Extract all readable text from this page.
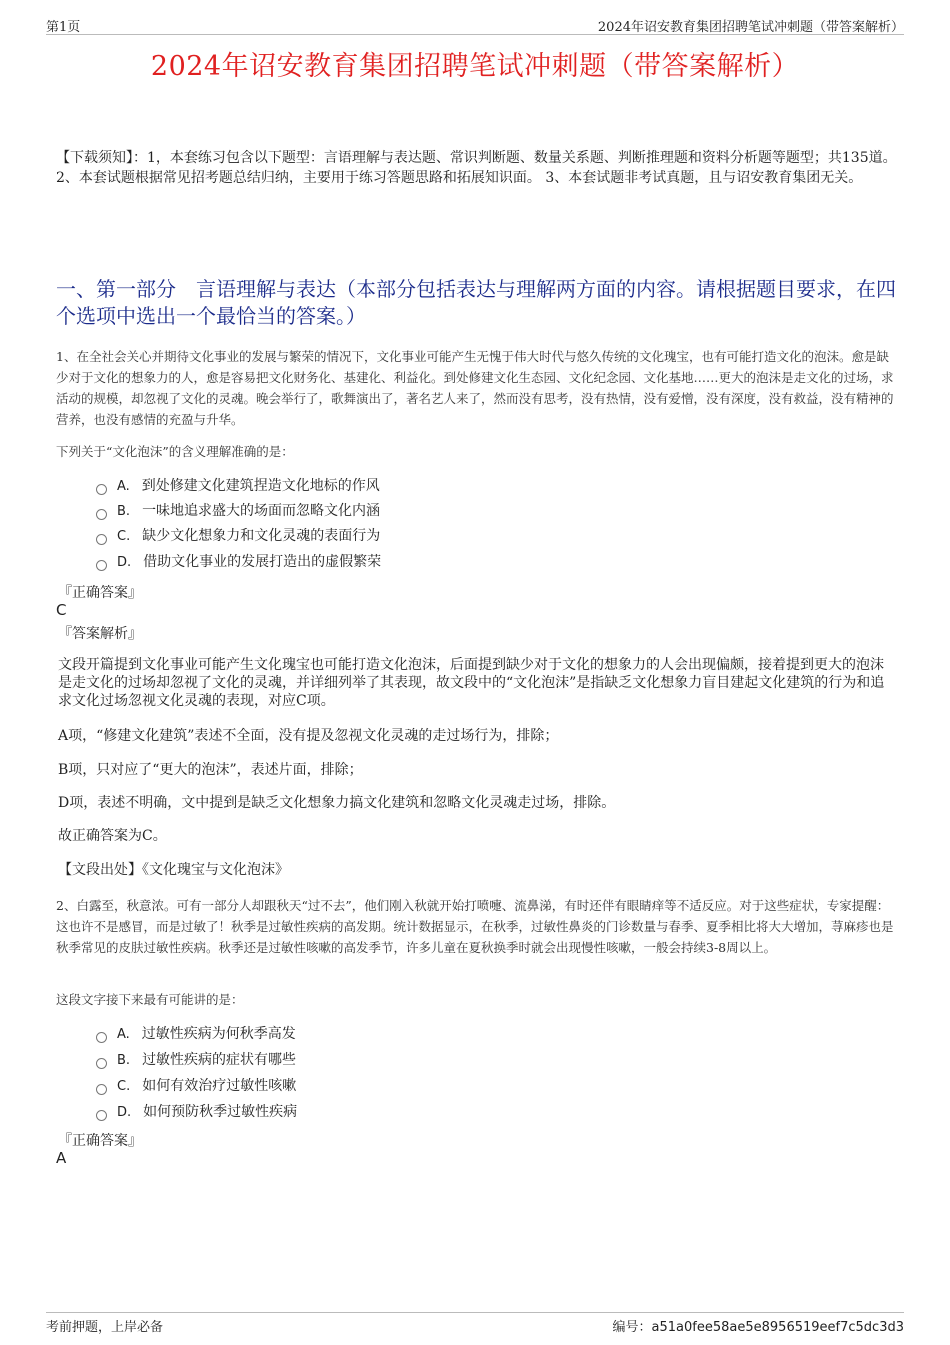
第1页	2024年诏安教育集团招聘笔试冲刺题（带答案解析）
2024年诏安教育集团招聘笔试冲刺题（带答案解析）
【下载须知】：1，本套练习包含以下题型：言语理解与表达题、常识判断题、数量关系题、判断推理题和资料分析题等题型；共135道。 2、本套试题根据常见招考题总结归纳，主要用于练习答题思路和拓展知识面。 3、本套试题非考试真题，且与诏安教育集团无关。
一、第一部分　言语理解与表达（本部分包括表达与理解两方面的内容。请根据题目要求，在四个选项中选出一个最恰当的答案。）
1、在全社会关心并期待文化事业的发展与繁荣的情况下，文化事业可能产生无愧于伟大时代与悠久传统的文化瑰宝，也有可能打造文化的泡沫。愈是缺少对于文化的想象力的人，愈是容易把文化财务化、基建化、利益化。到处修建文化生态园、文化纪念园、文化基地……更大的泡沫是走文化的过场，求活动的规模，却忽视了文化的灵魂。晚会举行了，歌舞演出了，著名艺人来了，然而没有思考，没有热情，没有爱憎，没有深度，没有救益，没有精神的营养，也没有感情的充盈与升华。
下列关于“文化泡沫”的含义理解准确的是：
A. 到处修建文化建筑捏造文化地标的作风
B. 一味地追求盛大的场面而忽略文化内涵
C. 缺少文化想象力和文化灵魂的表面行为
D. 借助文化事业的发展打造出的虚假繁荣
『正确答案』
C
『答案解析』
文段开篇提到文化事业可能产生文化瑰宝也可能打造文化泡沫，后面提到缺少对于文化的想象力的人会出现偏颇，接着提到更大的泡沫是走文化的过场却忽视了文化的灵魂，并详细列举了其表现，故文段中的“文化泡沫”是指缺乏文化想象力盲目建起文化建筑的行为和追求文化过场忽视文化灵魂的表现，对应C项。
A项，“修建文化建筑”表述不全面，没有提及忽视文化灵魂的走过场行为，排除；
B项，只对应了“更大的泡沫”，表述片面，排除；
D项，表述不明确，文中提到是缺乏文化想象力搞文化建筑和忽略文化灵魂走过场，排除。
故正确答案为C。
【文段出处】《文化瑰宝与文化泡沫》
2、白露至，秋意浓。可有一部分人却跟秋天“过不去”，他们刚入秋就开始打喷嚏、流鼻涕，有时还伴有眼睛痒等不适反应。对于这些症状，专家提醒：这也许不是感冒，而是过敏了！秋季是过敏性疾病的高发期。统计数据显示，在秋季，过敏性鼻炎的门诊数量与春季、夏季相比将大大增加，荨麻疹也是秋季常见的皮肤过敏性疾病。秋季还是过敏性咳嗽的高发季节，许多儿童在夏秋换季时就会出现慢性咳嗽，一般会持续3-8周以上。
这段文字接下来最有可能讲的是：
A. 过敏性疾病为何秋季高发
B. 过敏性疾病的症状有哪些
C. 如何有效治疗过敏性咳嗽
D. 如何预防秋季过敏性疾病
『正确答案』
A
考前押题，上岸必备	编号：a51a0fee58ae5e8956519eef7c5dc3d3
